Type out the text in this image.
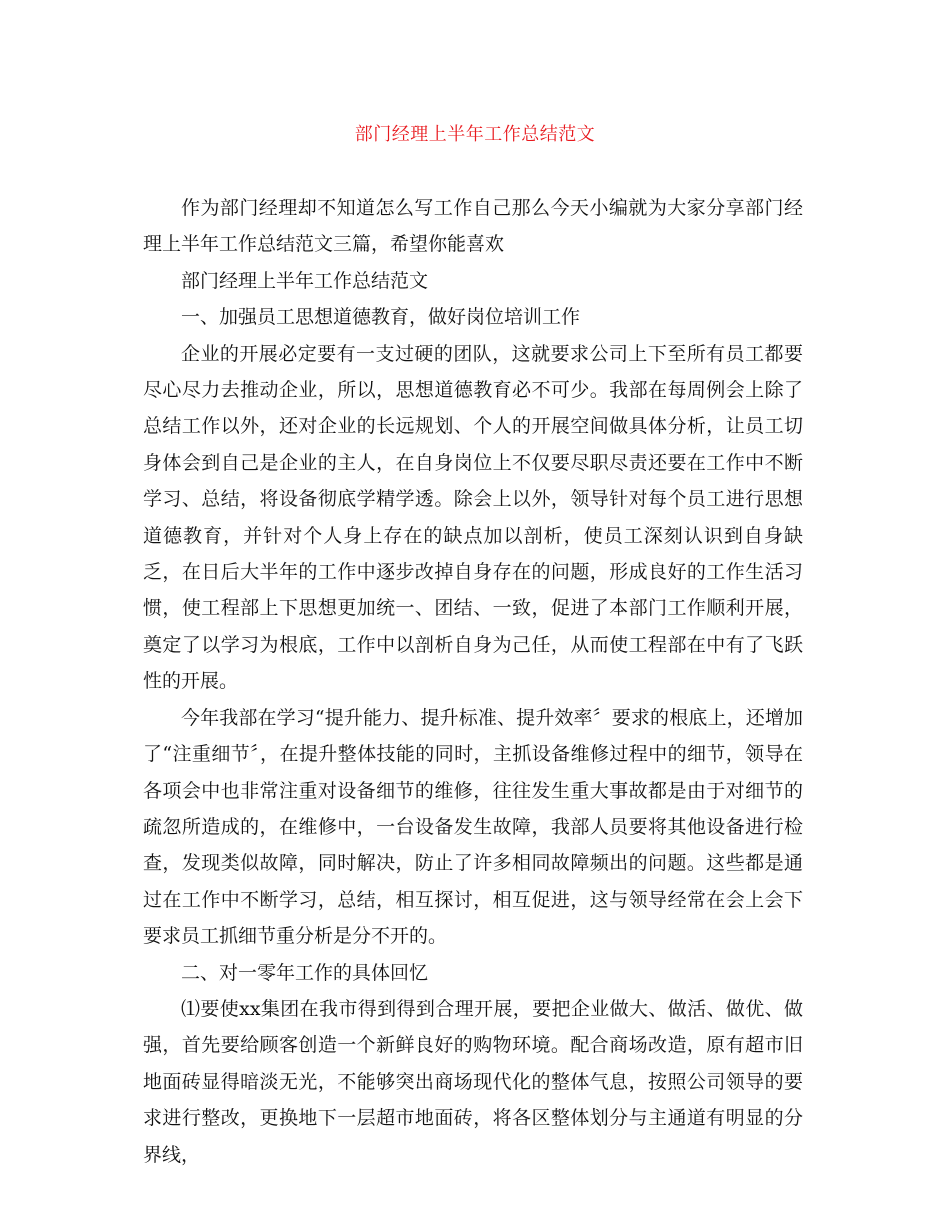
部门经理上半年工作总结范文

作为部门经理却不知道怎么写工作自己那么今天小编就为大家分享部门经理上半年工作总结范文三篇，希望你能喜欢

部门经理上半年工作总结范文

一、加强员工思想道德教育，做好岗位培训工作

企业的开展必定要有一支过硬的团队，这就要求公司上下至所有员工都要尽心尽力去推动企业，所以，思想道德教育必不可少。我部在每周例会上除了总结工作以外，还对企业的长远规划、个人的开展空间做具体分析，让员工切身体会到自己是企业的主人，在自身岗位上不仅要尽职尽责还要在工作中不断学习、总结，将设备彻底学精学透。除会上以外，领导针对每个员工进行思想道德教育，并针对个人身上存在的缺点加以剖析，使员工深刻认识到自身缺乏，在日后大半年的工作中逐步改掉自身存在的问题，形成良好的工作生活习惯，使工程部上下思想更加统一、团结、一致，促进了本部门工作顺利开展，奠定了以学习为根底，工作中以剖析自身为己任，从而使工程部在中有了飞跃性的开展。

今年我部在学习“提升能力、提升标准、提升效率〞要求的根底上，还增加了“注重细节〞，在提升整体技能的同时，主抓设备维修过程中的细节，领导在各项会中也非常注重对设备细节的维修，往往发生重大事故都是由于对细节的疏忽所造成的，在维修中，一台设备发生故障，我部人员要将其他设备进行检查，发现类似故障，同时解决，防止了许多相同故障频出的问题。这些都是通过在工作中不断学习，总结，相互探讨，相互促进，这与领导经常在会上会下要求员工抓细节重分析是分不开的。

二、对一零年工作的具体回忆

⑴要使xx集团在我市得到得到合理开展，要把企业做大、做活、做优、做强，首先要给顾客创造一个新鲜良好的购物环境。配合商场改造，原有超市旧地面砖显得暗淡无光，不能够突出商场现代化的整体气息，按照公司领导的要求进行整改，更换地下一层超市地面砖，将各区整体划分与主通道有明显的分界线，
